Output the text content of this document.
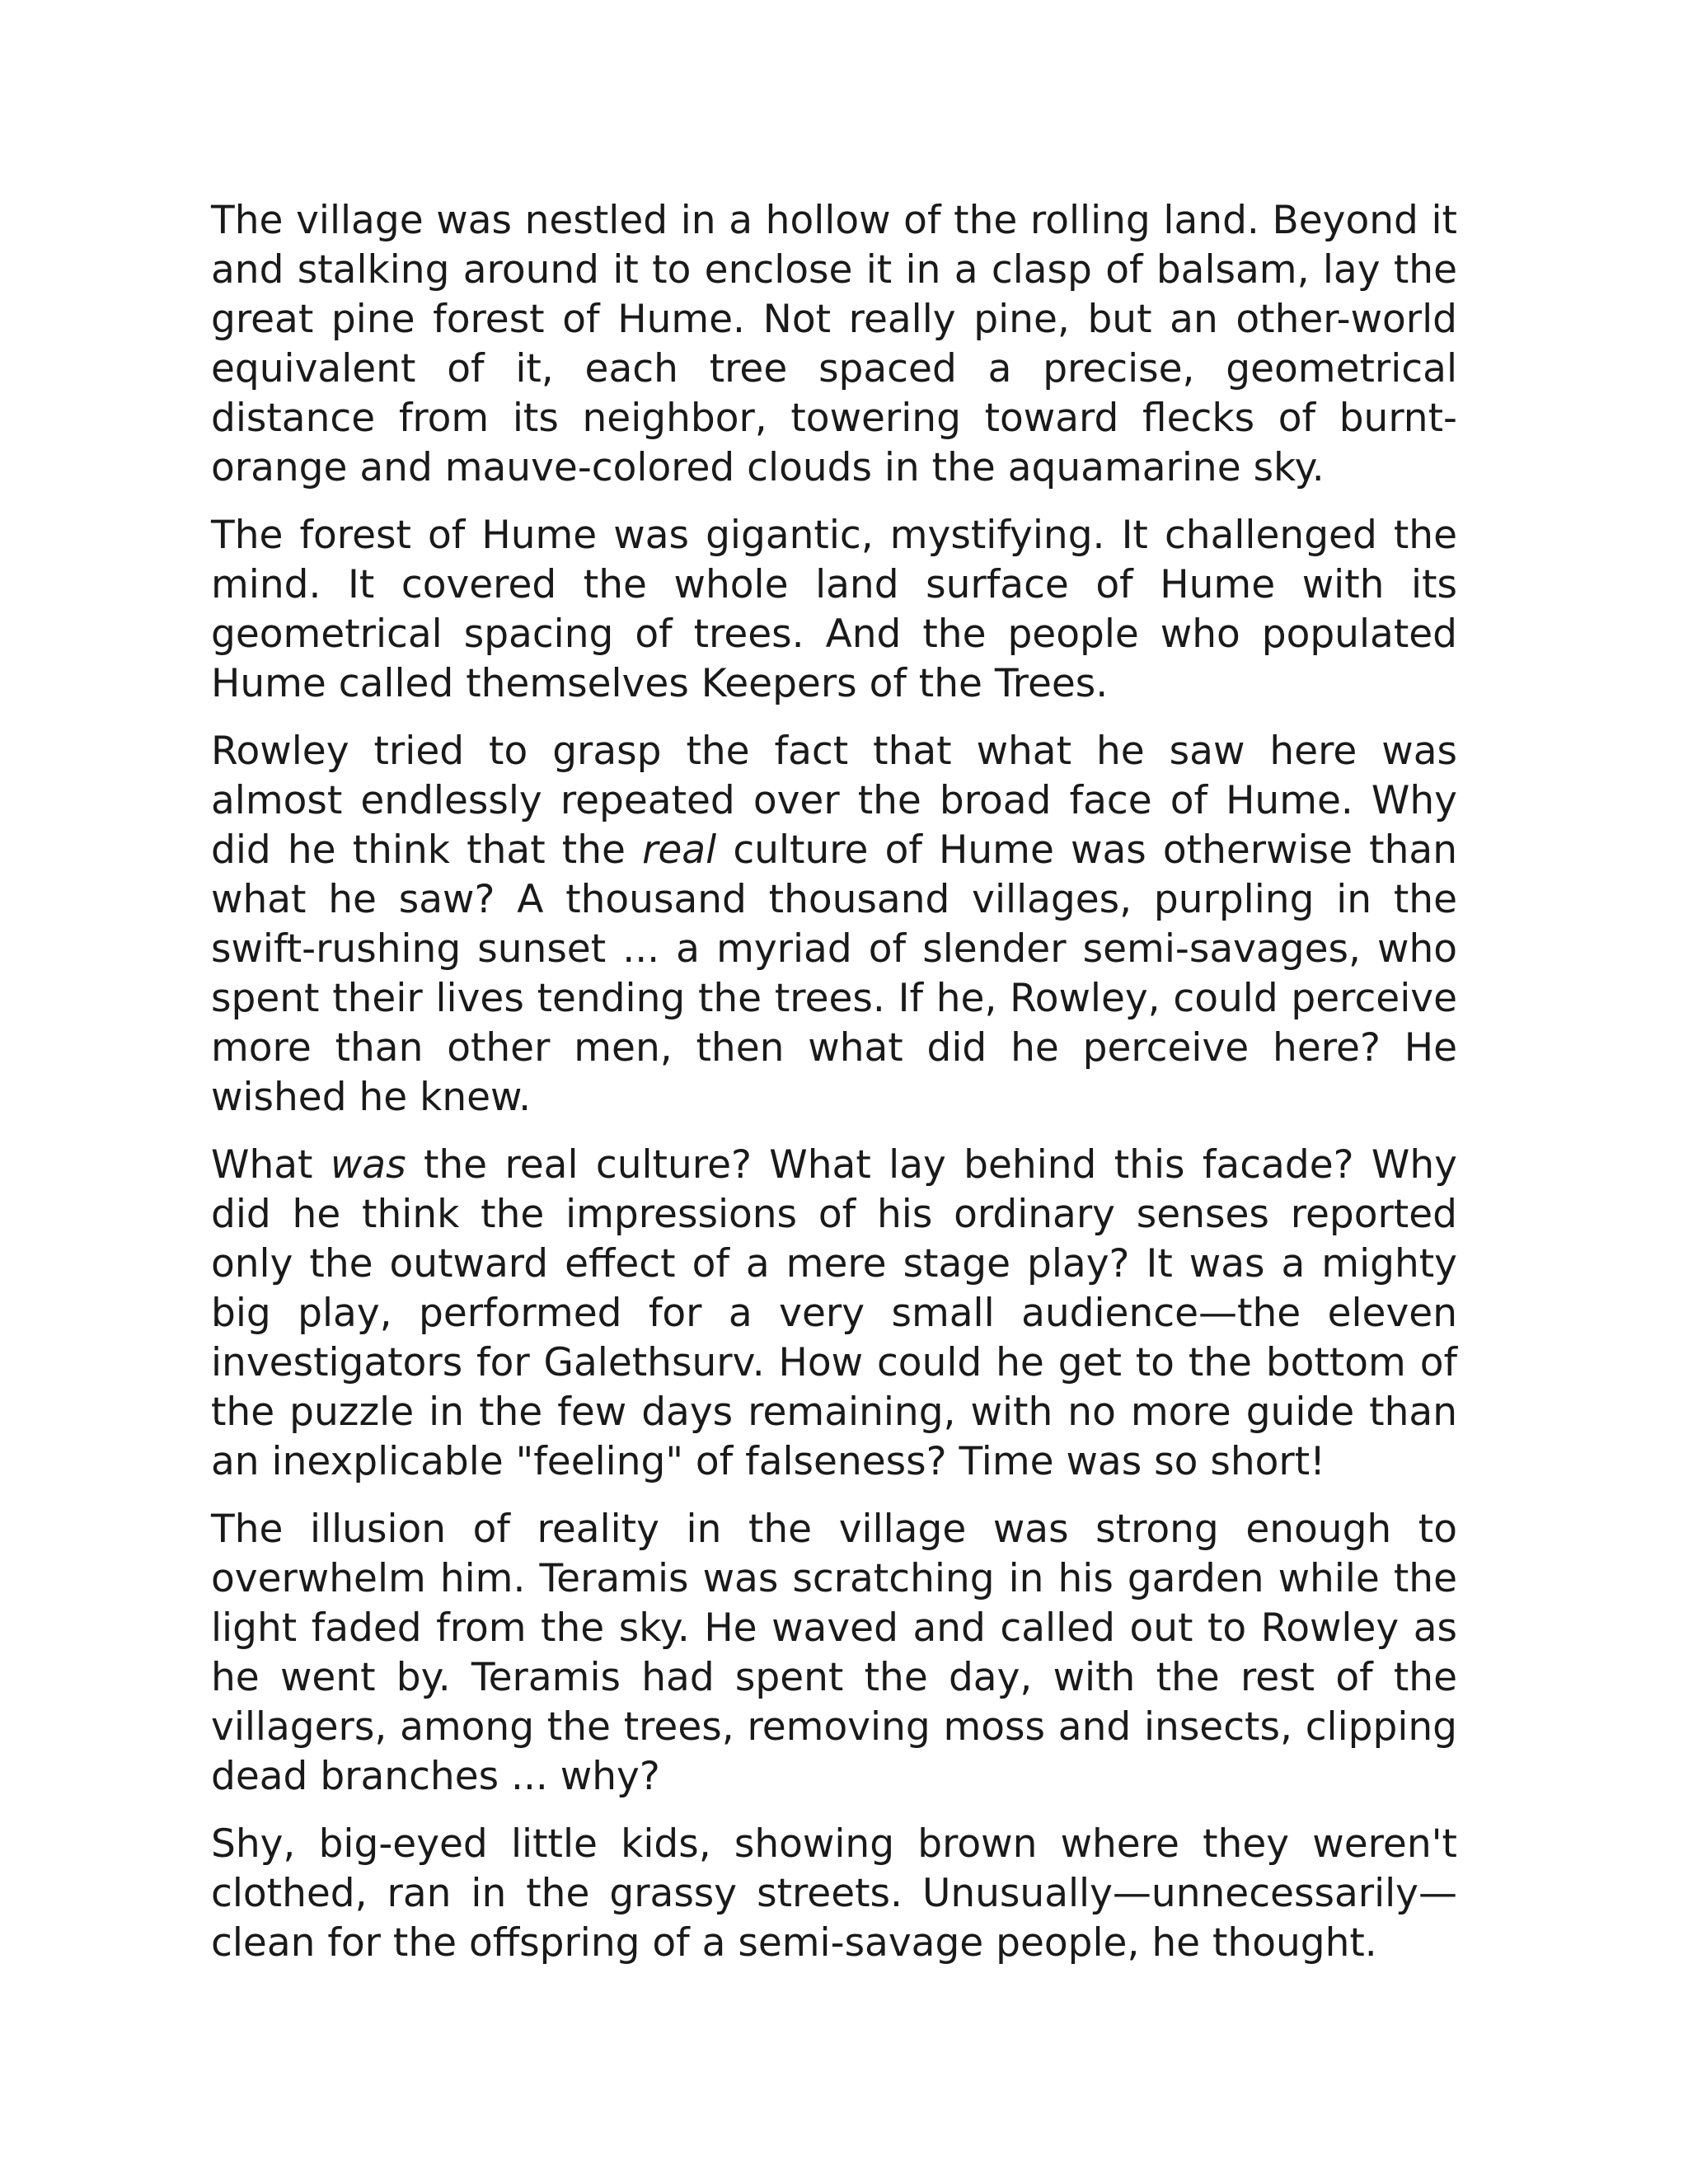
The village was nestled in a hollow of the rolling land. Beyond it and stalking around it to enclose it in a clasp of balsam, lay the great pine forest of Hume. Not really pine, but an other-world equivalent of it, each tree spaced a precise, geometrical distance from its neighbor, towering toward flecks of burnt-orange and mauve-colored clouds in the aquamarine sky.

The forest of Hume was gigantic, mystifying. It challenged the mind. It covered the whole land surface of Hume with its geometrical spacing of trees. And the people who populated Hume called themselves Keepers of the Trees.

Rowley tried to grasp the fact that what he saw here was almost endlessly repeated over the broad face of Hume. Why did he think that the real culture of Hume was otherwise than what he saw? A thousand thousand villages, purpling in the swift-rushing sunset ... a myriad of slender semi-savages, who spent their lives tending the trees. If he, Rowley, could perceive more than other men, then what did he perceive here? He wished he knew.

What was the real culture? What lay behind this facade? Why did he think the impressions of his ordinary senses reported only the outward effect of a mere stage play? It was a mighty big play, performed for a very small audience—the eleven investigators for Galethsurv. How could he get to the bottom of the puzzle in the few days remaining, with no more guide than an inexplicable "feeling" of falseness? Time was so short!

The illusion of reality in the village was strong enough to overwhelm him. Teramis was scratching in his garden while the light faded from the sky. He waved and called out to Rowley as he went by. Teramis had spent the day, with the rest of the villagers, among the trees, removing moss and insects, clipping dead branches ... why?

Shy, big-eyed little kids, showing brown where they weren't clothed, ran in the grassy streets. Unusually—unnecessarily—clean for the offspring of a semi-savage people, he thought.
